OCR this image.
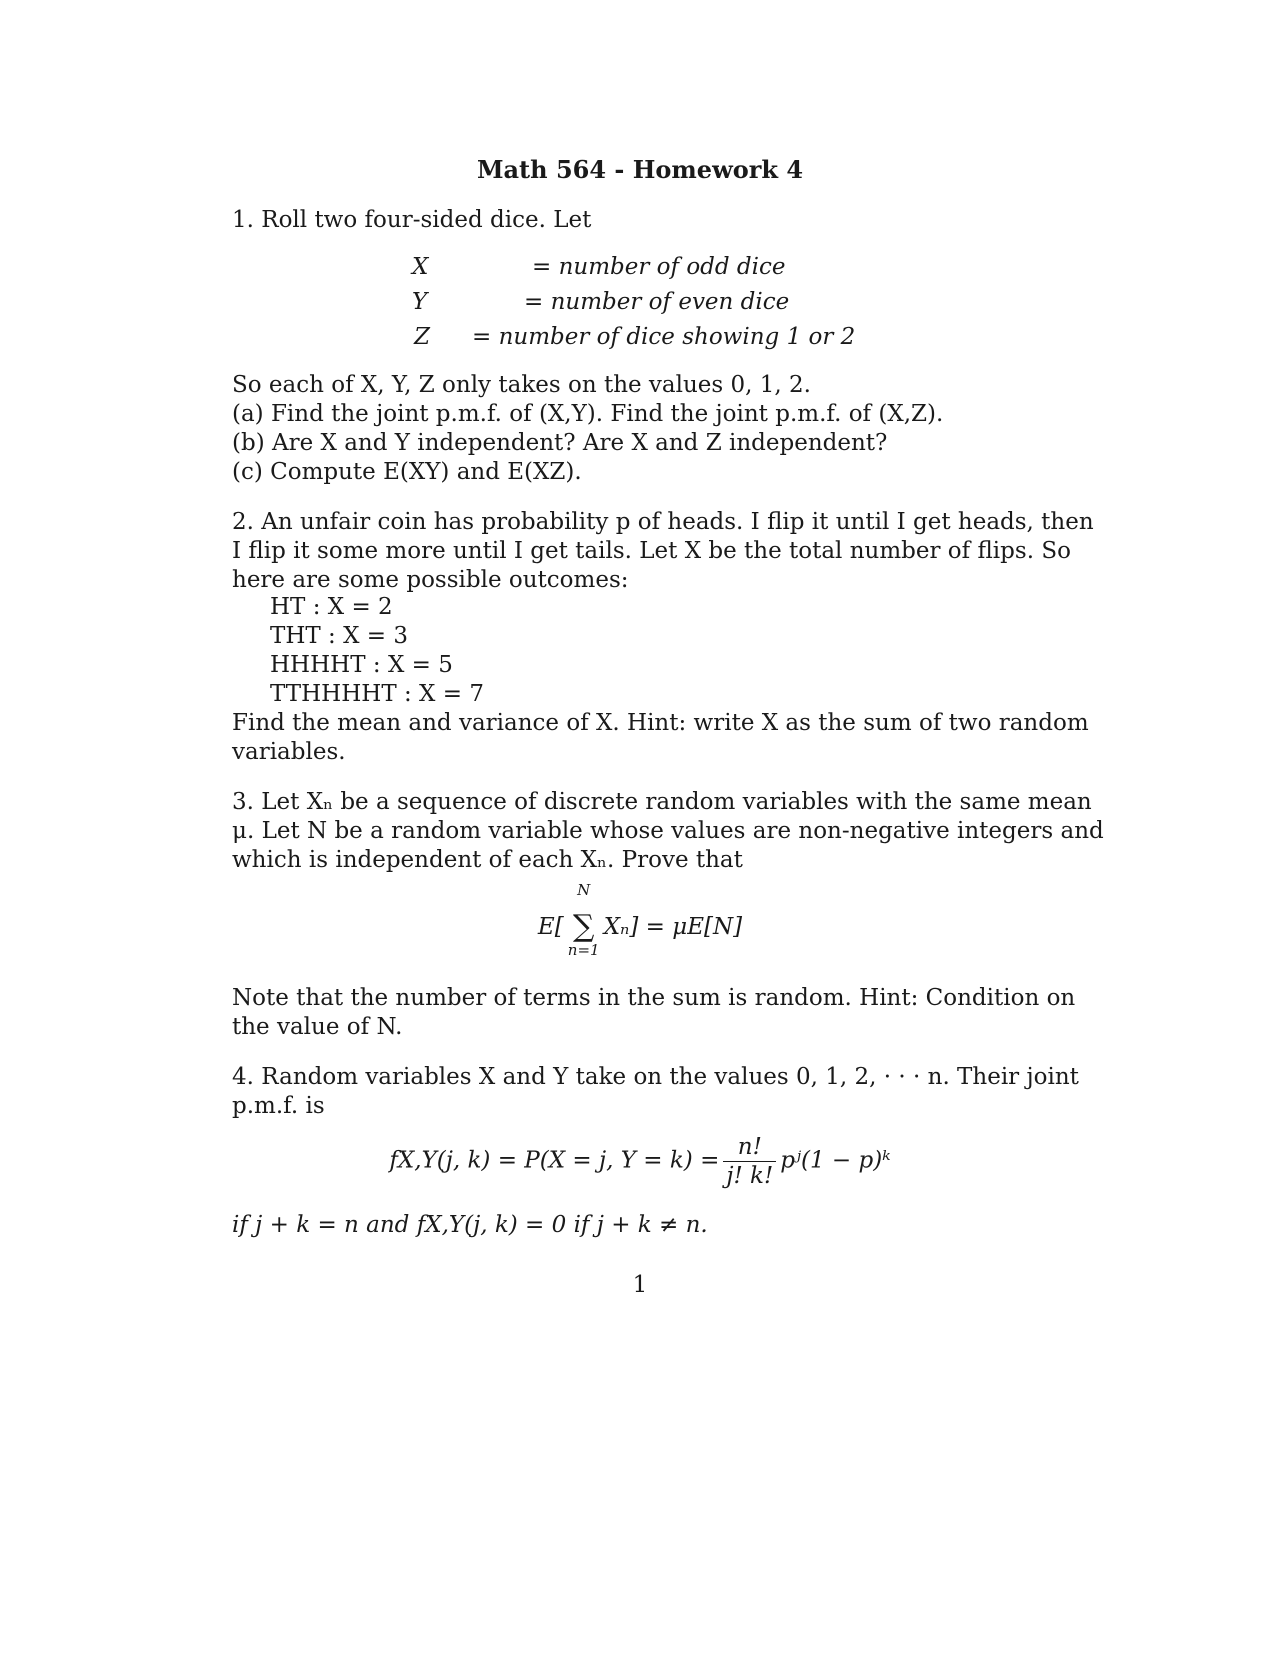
Math 564 - Homework 4
1. Roll two four-sided dice. Let
X	= number of odd dice
Y	= number of even dice
Z = number of dice showing 1 or 2
So each of X, Y, Z only takes on the values 0, 1, 2.
(a) Find the joint p.m.f. of (X,Y). Find the joint p.m.f. of (X,Z).
(b) Are X and Y independent? Are X and Z independent?
(c) Compute E(XY) and E(XZ).
2. An unfair coin has probability p of heads. I flip it until I get heads, then
I flip it some more until I get tails. Let X be the total number of flips. So
here are some possible outcomes:
HT : X = 2
THT : X = 3
HHHHT : X = 5
TTHHHHT : X = 7
Find the mean and variance of X. Hint: write X as the sum of two random
variables.
3. Let Xₙ be a sequence of discrete random variables with the same mean
μ. Let N be a random variable whose values are non-negative integers and
which is independent of each Xₙ. Prove that
E[
N
∑
n=1
Xₙ] = μE[N]
Note that the number of terms in the sum is random. Hint: Condition on
the value of N.
4. Random variables X and Y take on the values 0, 1, 2, · · · n. Their joint
p.m.f. is
fX,Y(j, k) = P(X = j, $Y = k) = \frac{n!}{j! k!}$ pʲ(1 − p)ᵏ
if j + k = n and fX,Y(j, k) = 0 if j + k ≠ n.
1
